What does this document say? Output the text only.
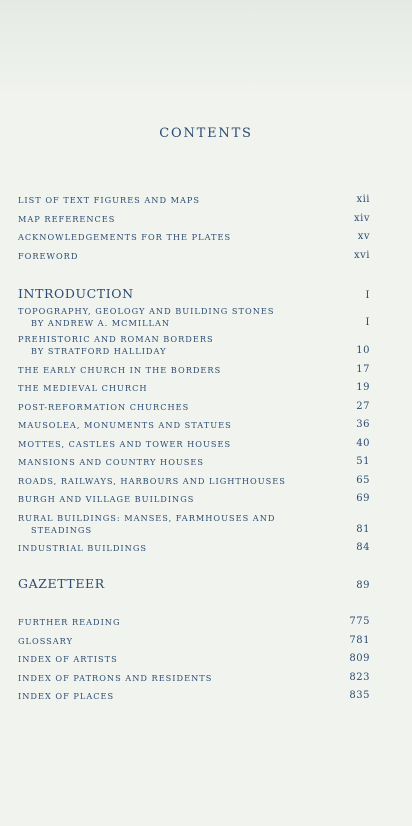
CONTENTS
LIST OF TEXT FIGURES AND MAPS	xii
MAP REFERENCES	xiv
ACKNOWLEDGEMENTS FOR THE PLATES	xv
FOREWORD	xvi
INTRODUCTION	I
TOPOGRAPHY, GEOLOGY AND BUILDING STONES
BY ANDREW A. MCMILLAN	I
PREHISTORIC AND ROMAN BORDERS
BY STRATFORD HALLIDAY	10
THE EARLY CHURCH IN THE BORDERS	17
THE MEDIEVAL CHURCH	19
POST-REFORMATION CHURCHES	27
MAUSOLEA, MONUMENTS AND STATUES	36
MOTTES, CASTLES AND TOWER HOUSES	40
MANSIONS AND COUNTRY HOUSES	51
ROADS, RAILWAYS, HARBOURS AND LIGHTHOUSES	65
BURGH AND VILLAGE BUILDINGS	69
RURAL BUILDINGS: MANSES, FARMHOUSES AND
STEADINGS	81
INDUSTRIAL BUILDINGS	84
GAZETTEER	89
FURTHER READING	775
GLOSSARY	781
INDEX OF ARTISTS	809
INDEX OF PATRONS AND RESIDENTS	823
INDEX OF PLACES	835
